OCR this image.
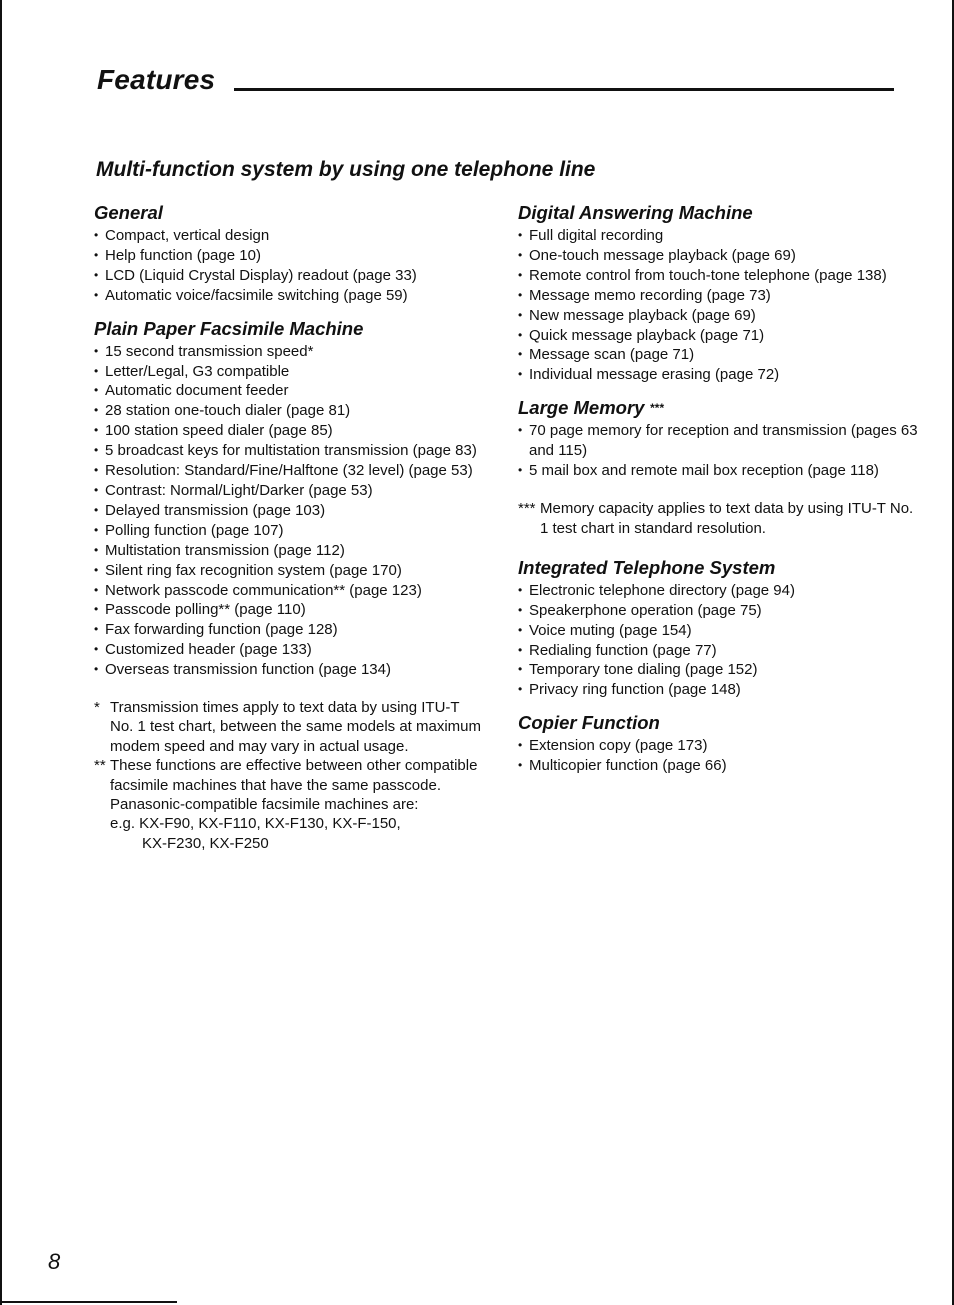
Features
Multi-function system by using one telephone line
General
• Compact, vertical design
• Help function (page 10)
• LCD (Liquid Crystal Display) readout (page 33)
• Automatic voice/facsimile switching (page 59)
Plain Paper Facsimile Machine
• 15 second transmission speed*
• Letter/Legal, G3 compatible
• Automatic document feeder
• 28 station one-touch dialer (page 81)
• 100 station speed dialer (page 85)
• 5 broadcast keys for multistation transmission (page 83)
• Resolution: Standard/Fine/Halftone (32 level) (page 53)
• Contrast: Normal/Light/Darker (page 53)
• Delayed transmission (page 103)
• Polling function (page 107)
• Multistation transmission (page 112)
• Silent ring fax recognition system (page 170)
• Network passcode communication** (page 123)
• Passcode polling** (page 110)
• Fax forwarding function (page 128)
• Customized header (page 133)
• Overseas transmission function (page 134)
* Transmission times apply to text data by using ITU-T No. 1 test chart, between the same models at maximum modem speed and may vary in actual usage.
** These functions are effective between other compatible facsimile machines that have the same passcode.
Panasonic-compatible facsimile machines are:
e.g. KX-F90, KX-F110, KX-F130, KX-F-150,
KX-F230, KX-F250
Digital Answering Machine
• Full digital recording
• One-touch message playback (page 69)
• Remote control from touch-tone telephone (page 138)
• Message memo recording (page 73)
• New message playback (page 69)
• Quick message playback (page 71)
• Message scan (page 71)
• Individual message erasing (page 72)
Large Memory ***
• 70 page memory for reception and transmission (pages 63 and 115)
• 5 mail box and remote mail box reception (page 118)
*** Memory capacity applies to text data by using ITU-T No. 1 test chart in standard resolution.
Integrated Telephone System
• Electronic telephone directory (page 94)
• Speakerphone operation (page 75)
• Voice muting (page 154)
• Redialing function (page 77)
• Temporary tone dialing (page 152)
• Privacy ring function (page 148)
Copier Function
• Extension copy (page 173)
• Multicopier function (page 66)
8
